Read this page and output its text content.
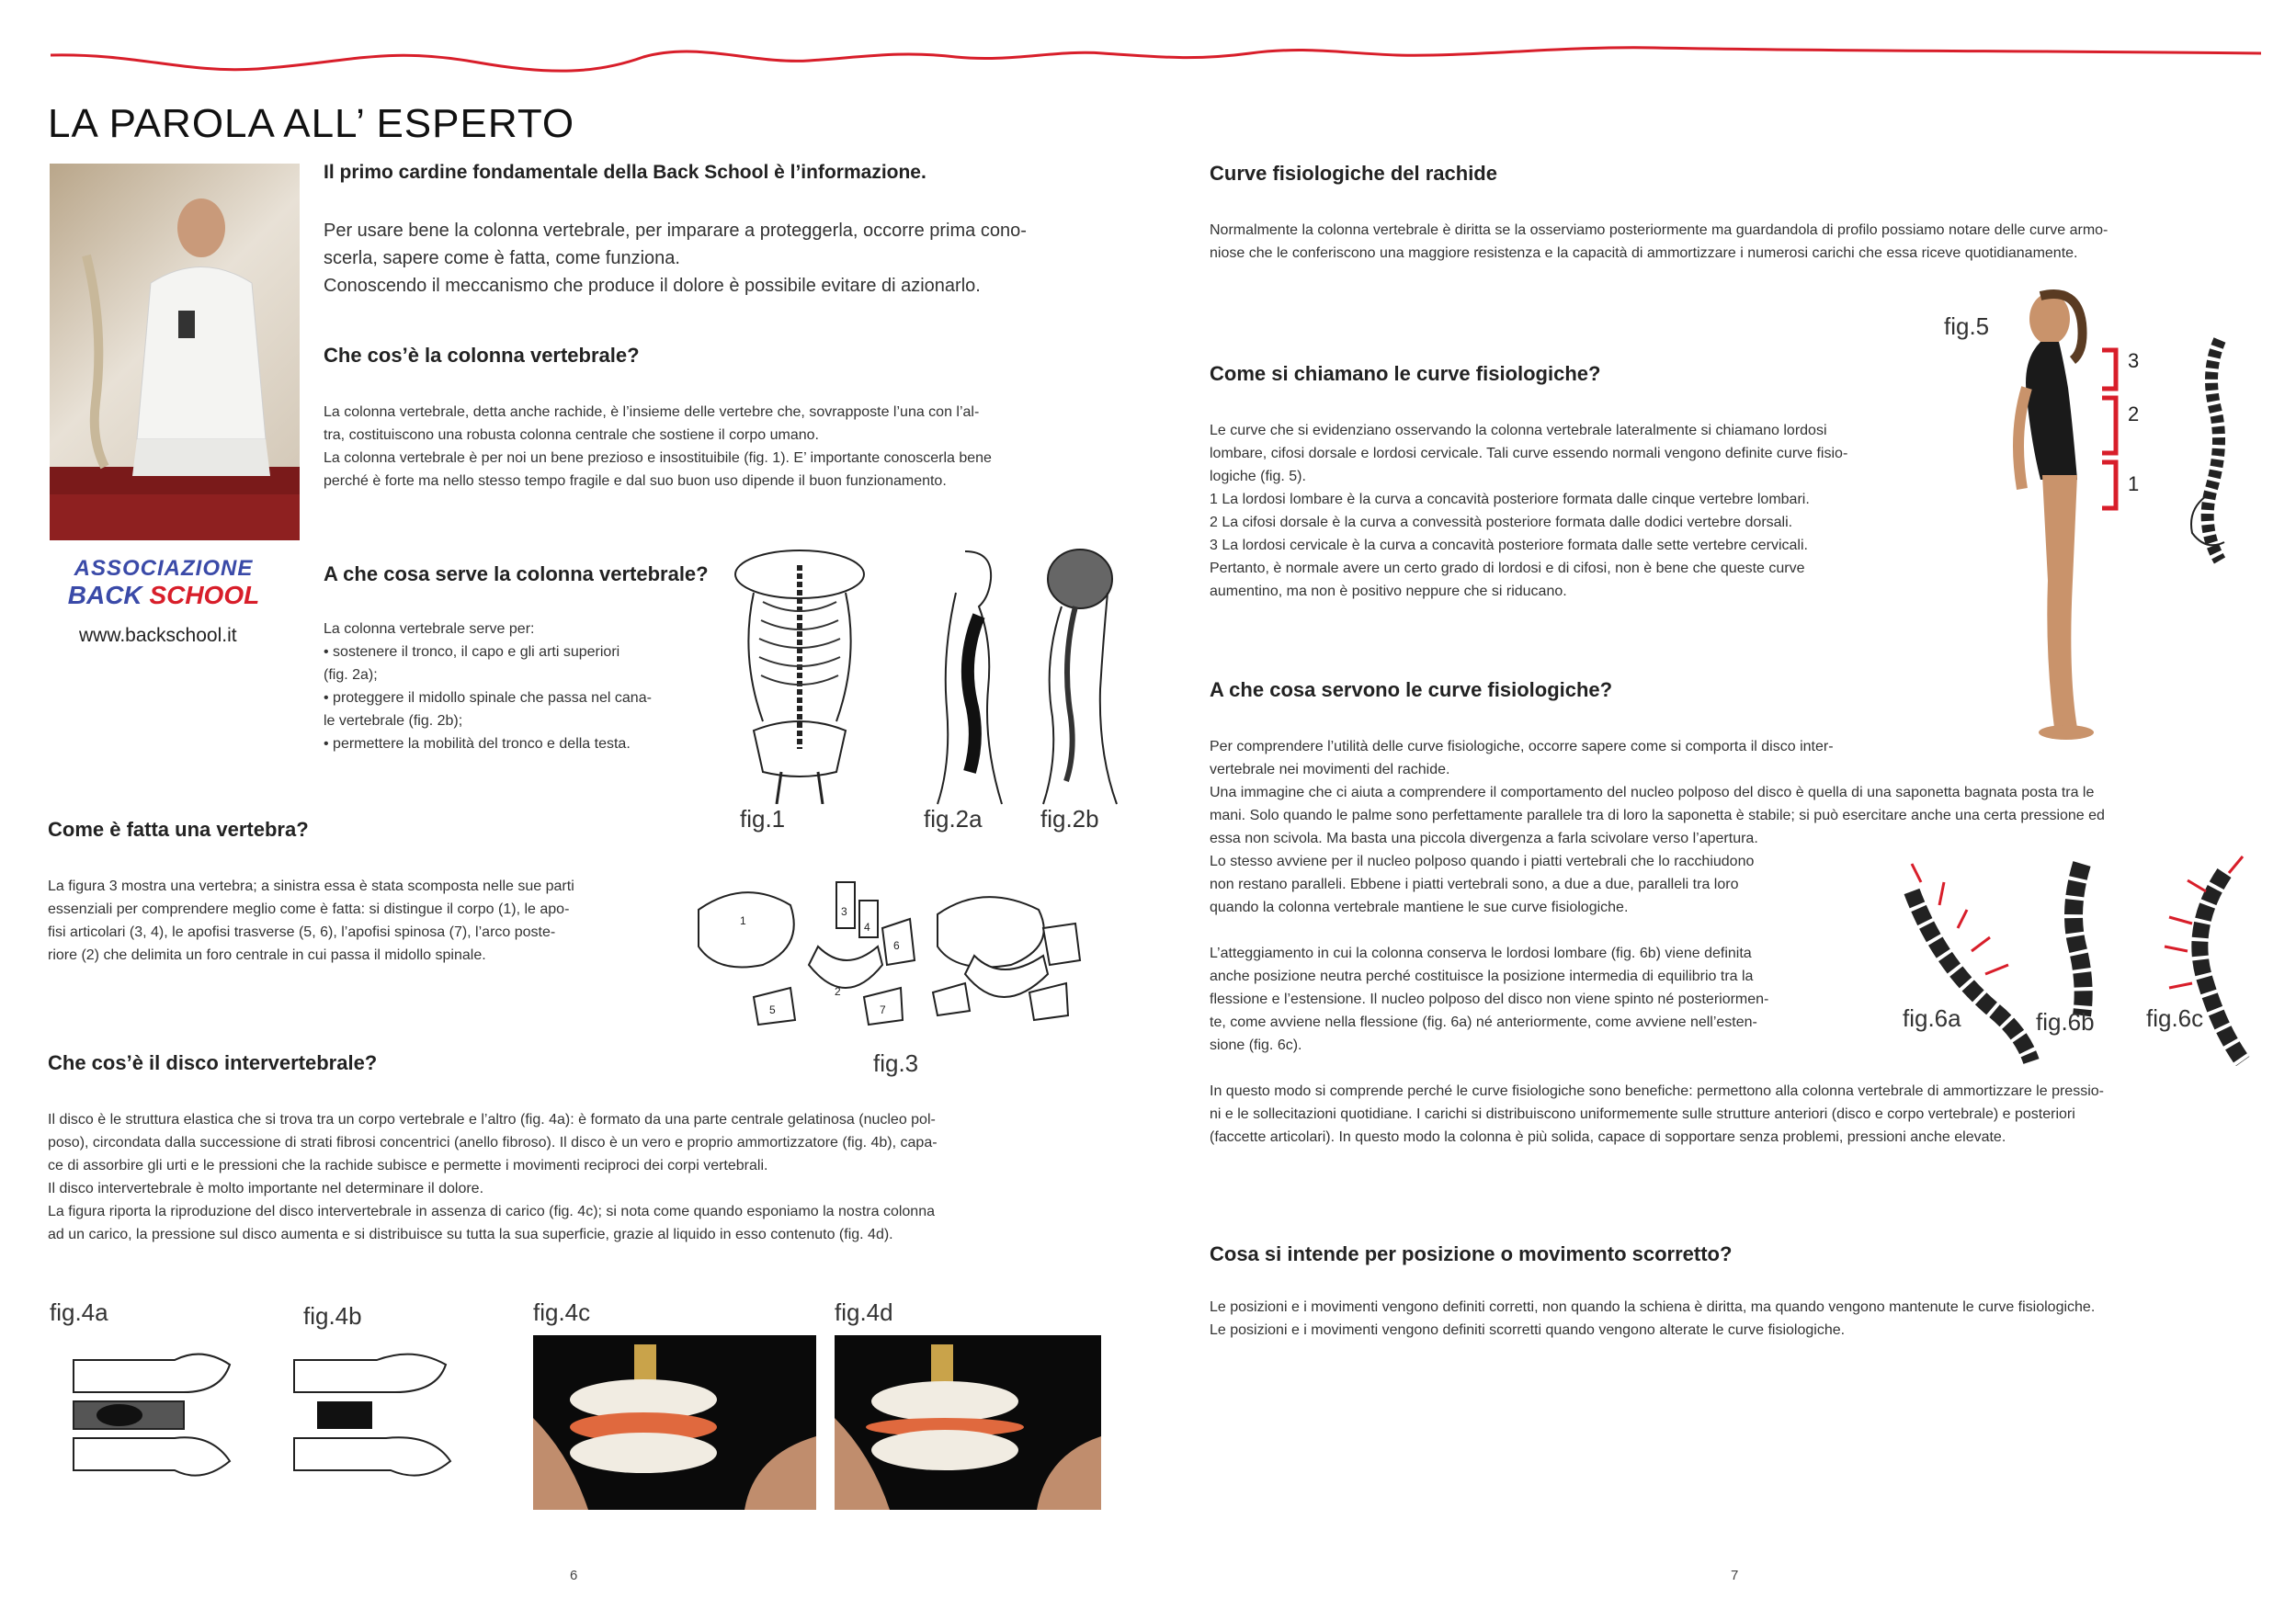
LA PAROLA ALL’ ESPERTO
ASSOCIAZIONE
BACK SCHOOL
www.backschool.it
Il primo cardine fondamentale della Back School è l’informazione.
Per usare bene la colonna vertebrale, per imparare a proteggerla, occorre prima cono-
scerla, sapere come è fatta, come funziona.
Conoscendo il meccanismo che produce il dolore è possibile evitare di azionarlo.
Che cos’è la colonna vertebrale?
La colonna vertebrale, detta anche rachide, è l’insieme delle vertebre che, sovrapposte l’una con l’al-
tra, costituiscono una robusta colonna centrale che sostiene il corpo umano.
La colonna vertebrale è per noi un bene prezioso e insostituibile (fig. 1). E’ importante conoscerla bene
perché è forte ma nello stesso tempo fragile e dal suo buon uso dipende il buon funzionamento.
A che cosa serve la colonna vertebrale?
La colonna vertebrale serve per:
• sostenere il tronco, il capo e gli arti superiori
(fig. 2a);
• proteggere il midollo spinale che passa nel cana-
le vertebrale (fig. 2b);
• permettere la mobilità del tronco e della testa.
fig.1	fig.2a fig.2b
Come è fatta una vertebra?
La figura 3 mostra una vertebra; a sinistra essa è stata scomposta nelle sue parti
essenziali per comprendere meglio come è fatta: si distingue il corpo (1), le apo-
fisi articolari (3, 4), le apofisi trasverse (5, 6), l’apofisi spinosa (7), l’arco poste-
riore (2) che delimita un foro centrale in cui passa il midollo spinale.
1
2
3
4
5
6
7
fig.3
Che cos’è il disco intervertebrale?
Il disco è le struttura elastica che si trova tra un corpo vertebrale e l’altro (fig. 4a): è formato da una parte centrale gelatinosa (nucleo pol-
poso), circondata dalla successione di strati fibrosi concentrici (anello fibroso). Il disco è un vero e proprio ammortizzatore (fig. 4b), capa-
ce di assorbire gli urti e le pressioni che la rachide subisce e permette i movimenti reciproci dei corpi vertebrali.
Il disco intervertebrale è molto importante nel determinare il dolore.
La figura riporta la riproduzione del disco intervertebrale in assenza di carico (fig. 4c); si nota come quando esponiamo la nostra colonna
ad un carico, la pressione sul disco aumenta e si distribuisce su tutta la sua superficie, grazie al liquido in esso contenuto (fig. 4d).
fig.4a	fig.4b	fig.4c	fig.4d
6
Curve fisiologiche del rachide
Normalmente la colonna vertebrale è diritta se la osserviamo posteriormente ma guardandola di profilo possiamo notare delle curve armo-
niose che le conferiscono una maggiore resistenza e la capacità di ammortizzare i numerosi carichi che essa riceve quotidianamente.
Come si chiamano le curve fisiologiche?
Le curve che si evidenziano osservando la colonna vertebrale lateralmente si chiamano lordosi
lombare, cifosi dorsale e lordosi cervicale. Tali curve essendo normali vengono definite curve fisio-
logiche (fig. 5).
1 La lordosi lombare è la curva a concavità posteriore formata dalle cinque vertebre lombari.
2 La cifosi dorsale è la curva a convessità posteriore formata dalle dodici vertebre dorsali.
3 La lordosi cervicale è la curva a concavità posteriore formata dalle sette vertebre cervicali.
Pertanto, è normale avere un certo grado di lordosi e di cifosi, non è bene che queste curve
aumentino, ma non è positivo neppure che si riducano.
fig.5
3
2
1
A che cosa servono le curve fisiologiche?
Per comprendere l’utilità delle curve fisiologiche, occorre sapere come si comporta il disco inter-
vertebrale nei movimenti del rachide.
Una immagine che ci aiuta a comprendere il comportamento del nucleo polposo del disco è quella di una saponetta bagnata posta tra le
mani. Solo quando le palme sono perfettamente parallele tra di loro la saponetta è stabile; si può esercitare anche una certa pressione ed
essa non scivola. Ma basta una piccola divergenza a farla scivolare verso l’apertura.
Lo stesso avviene per il nucleo polposo quando i piatti vertebrali che lo racchiudono
non restano paralleli. Ebbene i piatti vertebrali sono, a due a due, paralleli tra loro
quando la colonna vertebrale mantiene le sue curve fisiologiche.
L’atteggiamento in cui la colonna conserva le lordosi lombare (fig. 6b) viene definita
anche posizione neutra perché costituisce la posizione intermedia di equilibrio tra la
flessione e l’estensione. Il nucleo polposo del disco non viene spinto né posteriormen-
te, come avviene nella flessione (fig. 6a) né anteriormente, come avviene nell’esten-
sione (fig. 6c).
In questo modo si comprende perché le curve fisiologiche sono benefiche: permettono alla colonna vertebrale di ammortizzare le pressio-
ni e le sollecitazioni quotidiane. I carichi si distribuiscono uniformemente sulle strutture anteriori (disco e corpo vertebrale) e posteriori
(faccette articolari). In questo modo la colonna è più solida, capace di sopportare senza problemi, pressioni anche elevate.
fig.6a	fig.6b fig.6c
Cosa si intende per posizione o movimento scorretto?
Le posizioni e i movimenti vengono definiti corretti, non quando la schiena è diritta, ma quando vengono mantenute le curve fisiologiche.
Le posizioni e i movimenti vengono definiti scorretti quando vengono alterate le curve fisiologiche.
7
